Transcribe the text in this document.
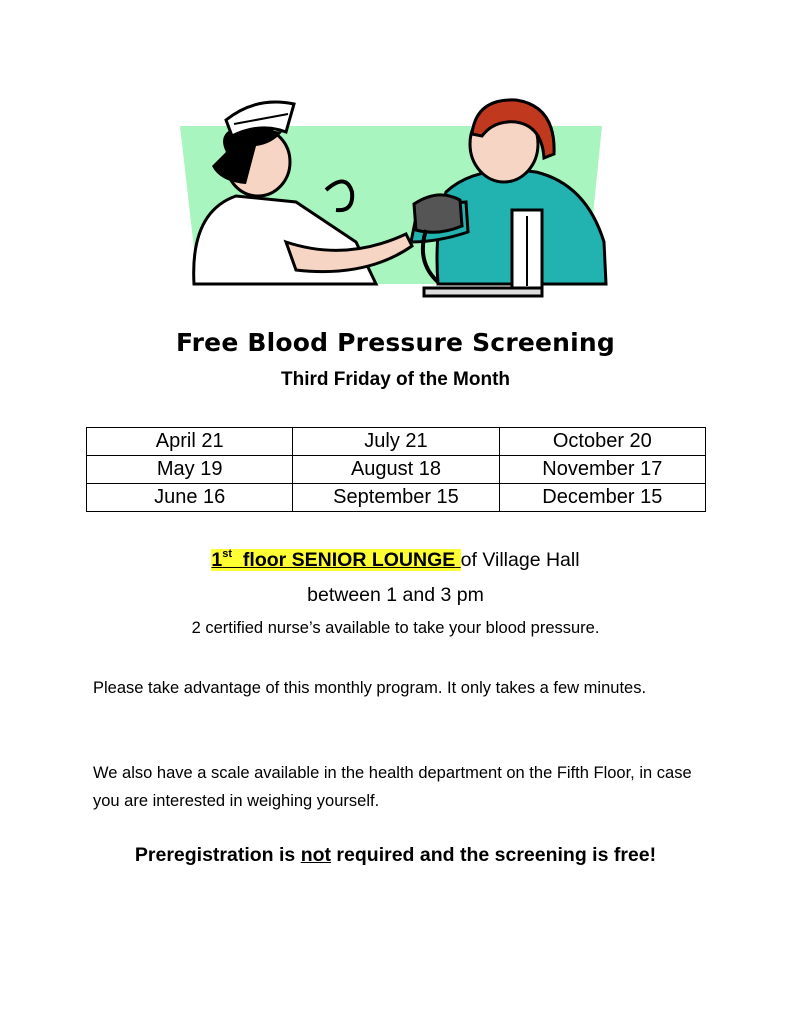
Free Blood Pressure Screening
Third Friday of the Month
April 21	July 21	October 20
May 19	August 18	November 17
June 16	September 15	December 15
1st floor SENIOR LOUNGE of Village Hall
between 1 and 3 pm
2 certified nurse’s available to take your blood pressure.
Please take advantage of this monthly program. It only takes a few minutes.
We also have a scale available in the health department on the Fifth Floor, in case you are interested in weighing yourself.
Preregistration is not required and the screening is free!
